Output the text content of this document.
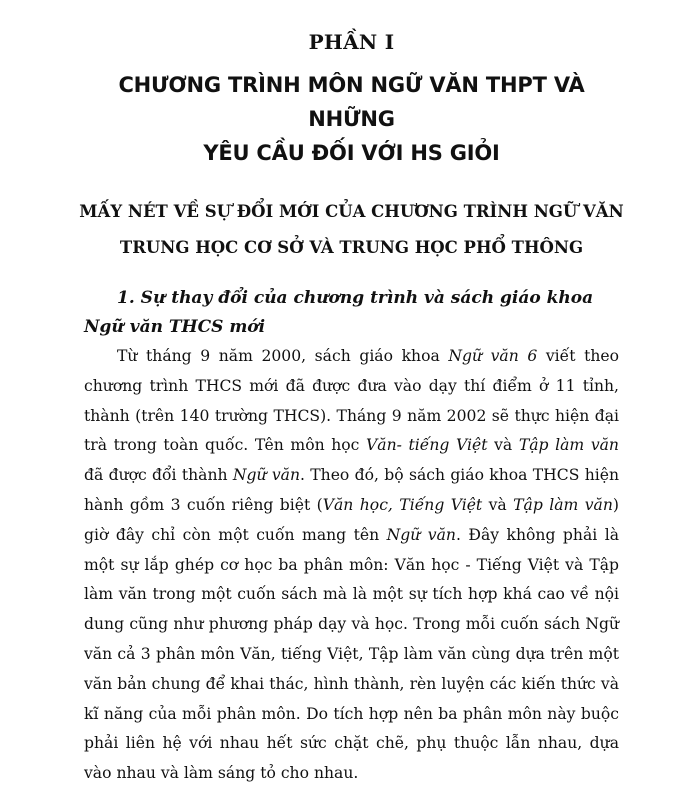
PHẦN I

CHƯƠNG TRÌNH MÔN NGỮ VĂN THPT VÀ NHỮNG
YÊU CẦU ĐỐI VỚI HS GIỎI
MẤY NÉT VỀ SỰ ĐỔI MỚI CỦA CHƯƠNG TRÌNH NGỮ VĂN
TRUNG HỌC CƠ SỞ VÀ TRUNG HỌC PHỔ THÔNG
1. Sự thay đổi của chương trình và sách giáo khoa Ngữ văn THCS mới

Từ tháng 9 năm 2000, sách giáo khoa Ngữ văn 6 viết theo chương trình THCS mới đã được đưa vào dạy thí điểm ở 11 tỉnh, thành (trên 140 trường THCS). Tháng 9 năm 2002 sẽ thực hiện đại trà trong toàn quốc. Tên môn học Văn- tiếng Việt và Tập làm văn đã được đổi thành Ngữ văn. Theo đó, bộ sách giáo khoa THCS hiện hành gồm 3 cuốn riêng biệt (Văn học, Tiếng Việt và Tập làm văn) giờ đây chỉ còn một cuốn mang tên Ngữ văn. Đây không phải là một sự lắp ghép cơ học ba phân môn: Văn học - Tiếng Việt và Tập làm văn trong một cuốn sách mà là một sự tích hợp khá cao về nội dung cũng như phương pháp dạy và học. Trong mỗi cuốn sách Ngữ văn cả 3 phân môn Văn, tiếng Việt, Tập làm văn cùng dựa trên một văn bản chung để khai thác, hình thành, rèn luyện các kiến thức và kĩ năng của mỗi phân môn. Do tích hợp nên ba phân môn này buộc phải liên hệ với nhau hết sức chặt chẽ, phụ thuộc lẫn nhau, dựa vào nhau và làm sáng tỏ cho nhau.
